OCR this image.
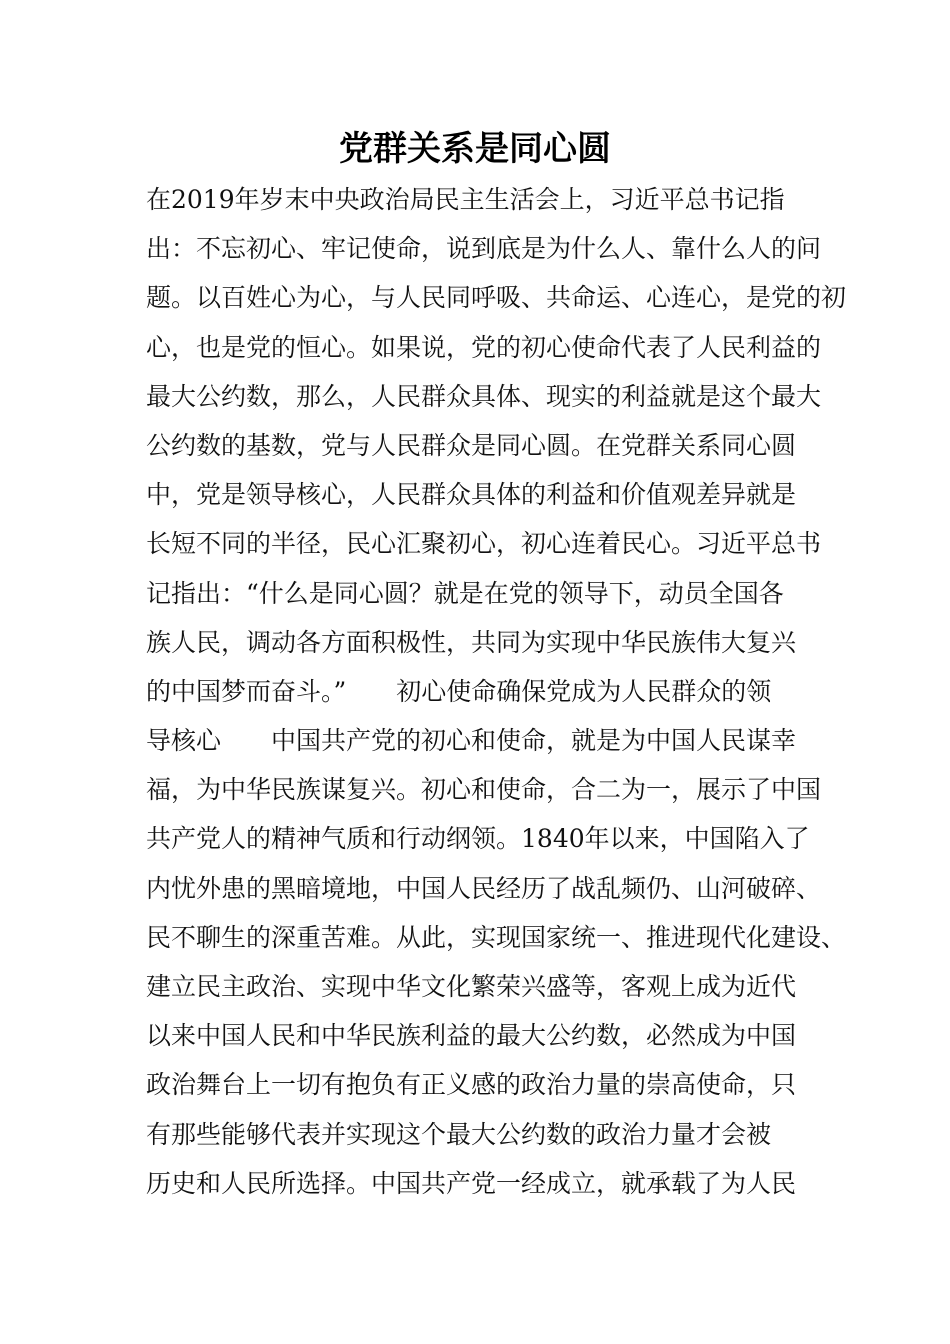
党群关系是同心圆
在2019年岁末中央政治局民主生活会上，习近平总书记指
出：不忘初心、牢记使命，说到底是为什么人、靠什么人的问
题。以百姓心为心，与人民同呼吸、共命运、心连心，是党的初
心，也是党的恒心。如果说，党的初心使命代表了人民利益的
最大公约数，那么，人民群众具体、现实的利益就是这个最大
公约数的基数，党与人民群众是同心圆。在党群关系同心圆
中，党是领导核心，人民群众具体的利益和价值观差异就是
长短不同的半径，民心汇聚初心，初心连着民心。习近平总书
记指出：“什么是同心圆？就是在党的领导下，动员全国各
族人民，调动各方面积极性，共同为实现中华民族伟大复兴
的中国梦而奋斗。”　　初心使命确保党成为人民群众的领
导核心　　中国共产党的初心和使命，就是为中国人民谋幸
福，为中华民族谋复兴。初心和使命，合二为一，展示了中国
共产党人的精神气质和行动纲领。1840年以来，中国陷入了
内忧外患的黑暗境地，中国人民经历了战乱频仍、山河破碎、
民不聊生的深重苦难。从此，实现国家统一、推进现代化建设、
建立民主政治、实现中华文化繁荣兴盛等，客观上成为近代
以来中国人民和中华民族利益的最大公约数，必然成为中国
政治舞台上一切有抱负有正义感的政治力量的崇高使命，只
有那些能够代表并实现这个最大公约数的政治力量才会被
历史和人民所选择。中国共产党一经成立，就承载了为人民
